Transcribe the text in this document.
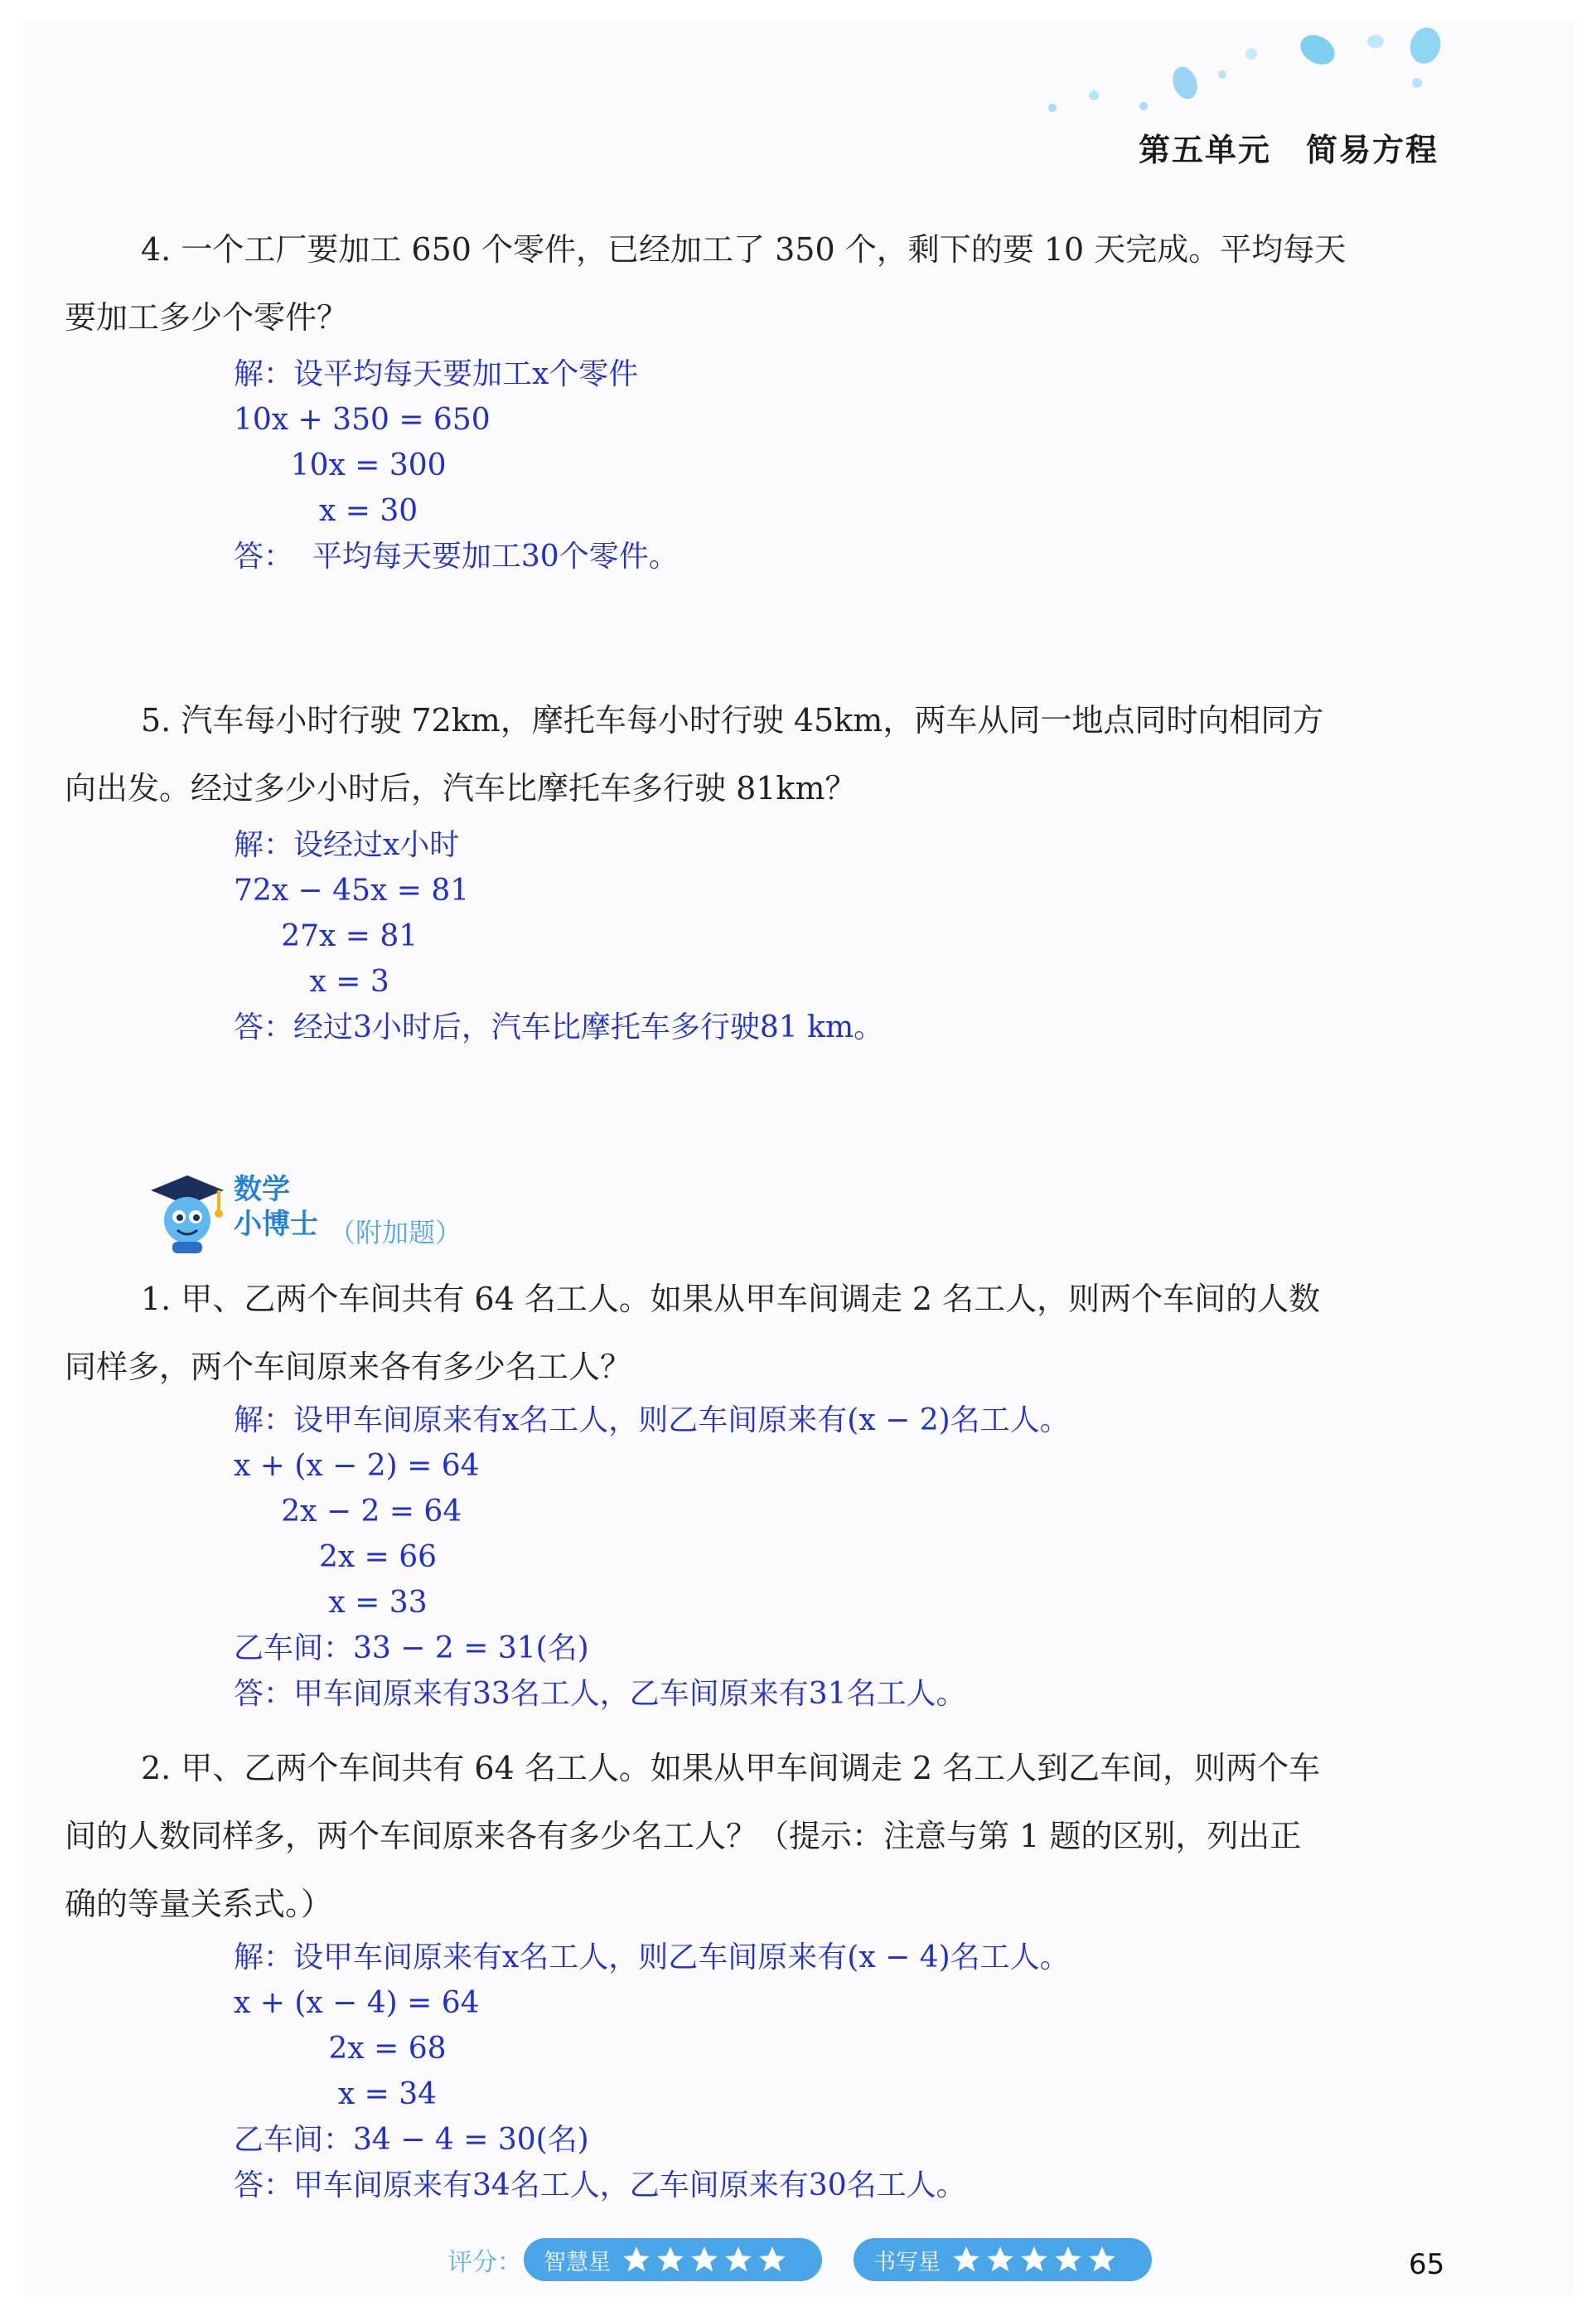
第五单元 简易方程
4. 一个工厂要加工 650 个零件，已经加工了 350 个，剩下的要 10 天完成。平均每天
要加工多少个零件？
解：设平均每天要加工x个零件
10x + 350 = 650
10x = 300
x = 30
答：  平均每天要加工30个零件。
5. 汽车每小时行驶 72km，摩托车每小时行驶 45km，两车从同一地点同时向相同方
向出发。经过多少小时后，汽车比摩托车多行驶 81km？
解：设经过x小时
72x − 45x = 81
27x = 81
x = 3
答：经过3小时后，汽车比摩托车多行驶81 km。
数学
小博士 （附加题）
1. 甲、乙两个车间共有 64 名工人。如果从甲车间调走 2 名工人，则两个车间的人数
同样多，两个车间原来各有多少名工人？
解：设甲车间原来有x名工人，则乙车间原来有(x − 2)名工人。
x + (x − 2) = 64
2x − 2 = 64
2x = 66
x = 33
乙车间：33 − 2 = 31(名)
答：甲车间原来有33名工人，乙车间原来有31名工人。
2. 甲、乙两个车间共有 64 名工人。如果从甲车间调走 2 名工人到乙车间，则两个车
间的人数同样多，两个车间原来各有多少名工人？（提示：注意与第 1 题的区别，列出正
确的等量关系式。）
解：设甲车间原来有x名工人，则乙车间原来有(x − 4)名工人。
x + (x − 4) = 64
2x = 68
x = 34
乙车间：34 − 4 = 30(名)
答：甲车间原来有34名工人，乙车间原来有30名工人。
评分： 智慧星	书写星	65
